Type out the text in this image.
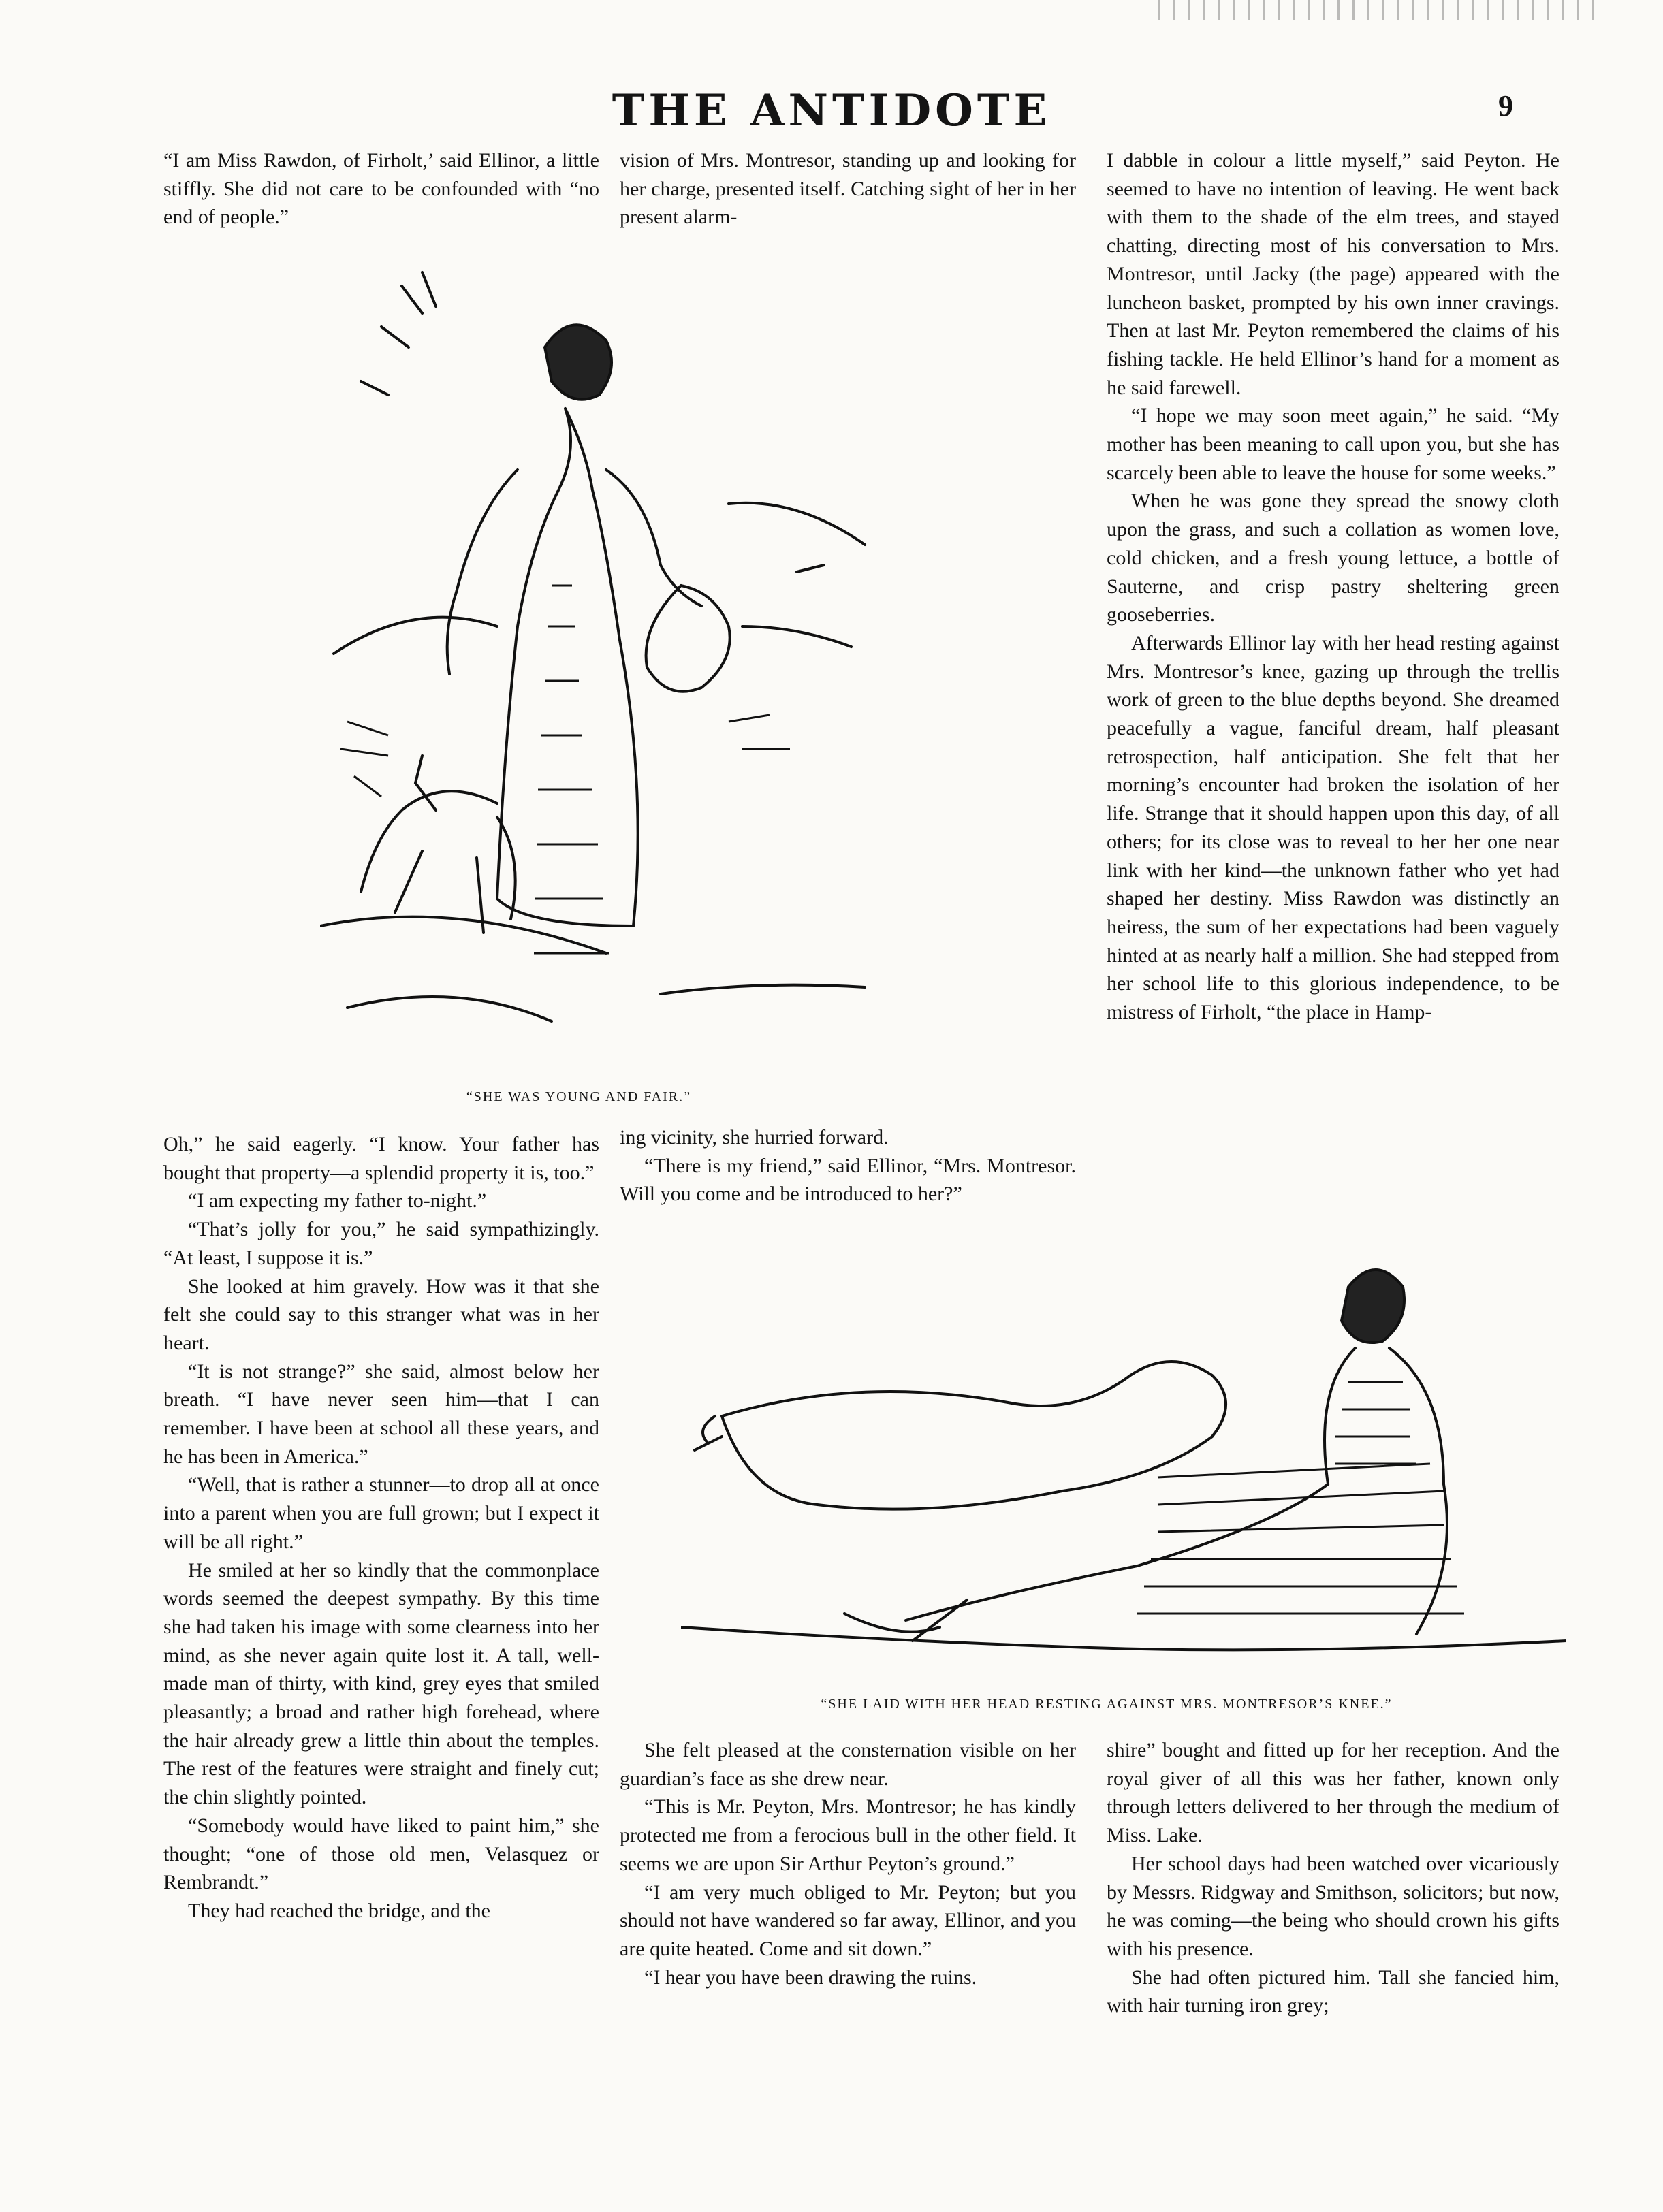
THE ANTIDOTE	9

“I am Miss Rawdon, of Firholt,’ said Ellinor, a little stiffly. She did not care to be confounded with “no end of people.”

vision of Mrs. Montresor, standing up and looking for her charge, presented itself. Catching sight of her in her present alarm-

I dabble in colour a little myself,” said Peyton. He seemed to have no intention of leaving. He went back with them to the shade of the elm trees, and stayed chatting, directing most of his conversation to Mrs. Montresor, until Jacky (the page) appeared with the luncheon basket, prompted by his own inner cravings. Then at last Mr. Peyton remembered the claims of his fishing tackle. He held Ellinor’s hand for a moment as he said farewell.

“I hope we may soon meet again,” he said. “My mother has been meaning to call upon you, but she has scarcely been able to leave the house for some weeks.”

When he was gone they spread the snowy cloth upon the grass, and such a collation as women love, cold chicken, and a fresh young lettuce, a bottle of Sauterne, and crisp pastry sheltering green gooseberries.

Afterwards Ellinor lay with her head resting against Mrs. Montresor’s knee, gazing up through the trellis work of green to the blue depths beyond. She dreamed peacefully a vague, fanciful dream, half pleasant retrospection, half anticipation. She felt that her morning’s encounter had broken the isolation of her life. Strange that it should happen upon this day, of all others; for its close was to reveal to her her one near link with her kind—the unknown father who yet had shaped her destiny. Miss Rawdon was distinctly an heiress, the sum of her expectations had been vaguely hinted at as nearly half a million. She had stepped from her school life to this glorious independence, to be mistress of Firholt, “the place in Hamp-

“SHE WAS YOUNG AND FAIR.”

Oh,” he said eagerly. “I know. Your father has bought that property—a splendid property it is, too.”

“I am expecting my father to-night.”

“That’s jolly for you,” he said sympathizingly. “At least, I suppose it is.”

She looked at him gravely. How was it that she felt she could say to this stranger what was in her heart.

“It is not strange?” she said, almost below her breath. “I have never seen him—that I can remember. I have been at school all these years, and he has been in America.”

“Well, that is rather a stunner—to drop all at once into a parent when you are full grown; but I expect it will be all right.”

He smiled at her so kindly that the commonplace words seemed the deepest sympathy. By this time she had taken his image with some clearness into her mind, as she never again quite lost it. A tall, well-made man of thirty, with kind, grey eyes that smiled pleasantly; a broad and rather high forehead, where the hair already grew a little thin about the temples. The rest of the features were straight and finely cut; the chin slightly pointed.

“Somebody would have liked to paint him,” she thought; “one of those old men, Velasquez or Rembrandt.”

They had reached the bridge, and the

ing vicinity, she hurried forward.

“There is my friend,” said Ellinor, “Mrs. Montresor. Will you come and be introduced to her?”

“SHE LAID WITH HER HEAD RESTING AGAINST MRS. MONTRESOR’S KNEE.”

She felt pleased at the consternation visible on her guardian’s face as she drew near.

“This is Mr. Peyton, Mrs. Montresor; he has kindly protected me from a ferocious bull in the other field. It seems we are upon Sir Arthur Peyton’s ground.”

“I am very much obliged to Mr. Peyton; but you should not have wandered so far away, Ellinor, and you are quite heated. Come and sit down.”

“I hear you have been drawing the ruins.

shire” bought and fitted up for her reception. And the royal giver of all this was her father, known only through letters delivered to her through the medium of Miss. Lake.

Her school days had been watched over vicariously by Messrs. Ridgway and Smithson, solicitors; but now, he was coming—the being who should crown his gifts with his presence.

She had often pictured him. Tall she fancied him, with hair turning iron grey;
